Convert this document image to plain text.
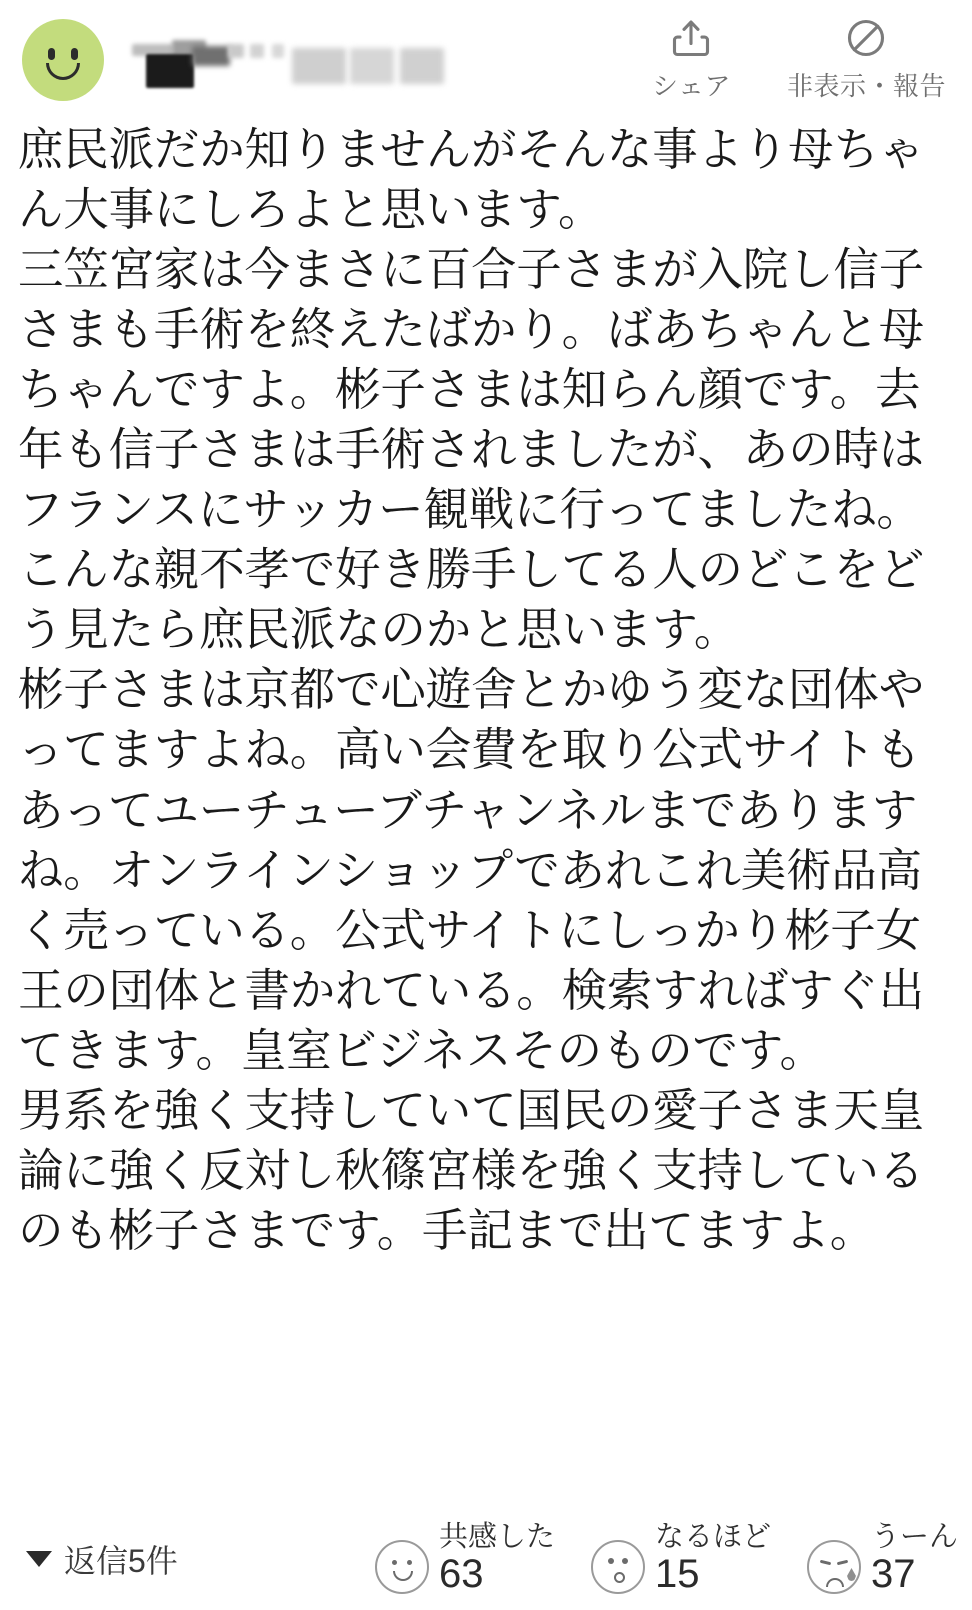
シェア 非表示・報告

庶民派だか知りませんがそんな事より母ちゃん大事にしろよと思います。

三笠宮家は今まさに百合子さまが入院し信子さまも手術を終えたばかり。ばあちゃんと母ちゃんですよ。彬子さまは知らん顔です。去年も信子さまは手術されましたが、あの時はフランスにサッカー観戦に行ってましたね。こんな親不孝で好き勝手してる人のどこをどう見たら庶民派なのかと思います。

彬子さまは京都で心遊舎とかゆう変な団体やってますよね。高い会費を取り公式サイトもあってユーチューブチャンネルまでありますね。オンラインショップであれこれ美術品高く売っている。公式サイトにしっかり彬子女王の団体と書かれている。検索すればすぐ出てきます。皇室ビジネスそのものです。

男系を強く支持していて国民の愛子さま天皇論に強く反対し秋篠宮様を強く支持しているのも彬子さまです。手記まで出てますよ。

返信5件
共感した
63
なるほど
15
うーん
37
